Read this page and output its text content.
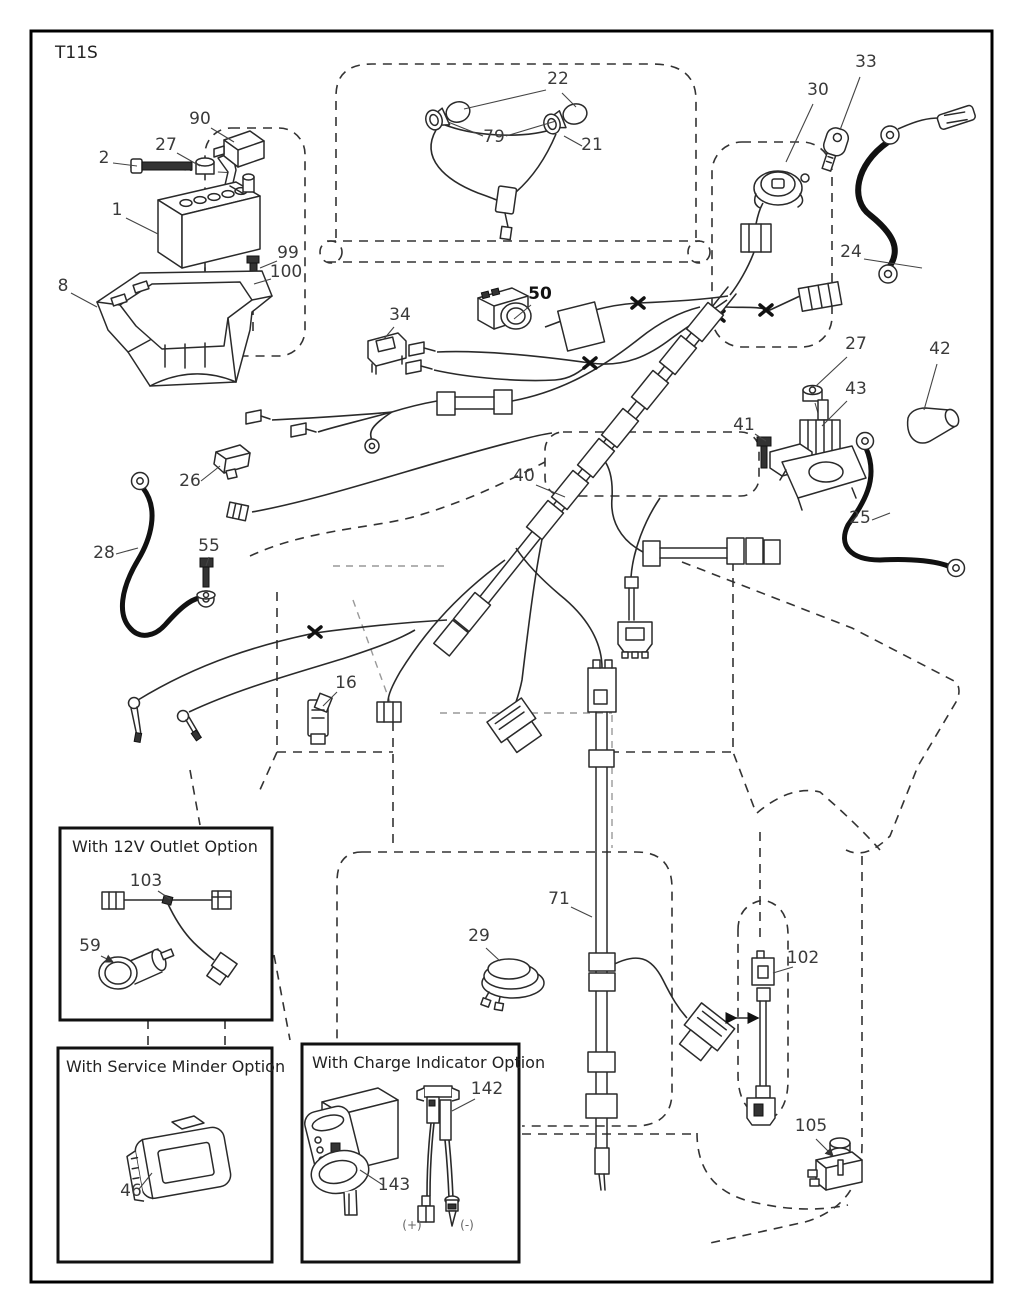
T11S
With 12V Outlet Option
With Service Minder Option With Charge Indicator Option
90
2
27
1
99
100
8
22
79	21
30
33
24
34
50
40
26
28	55
16
27
43
41
42
25
29
71
102
105
103
59
46
142
143
(+)	(-)
